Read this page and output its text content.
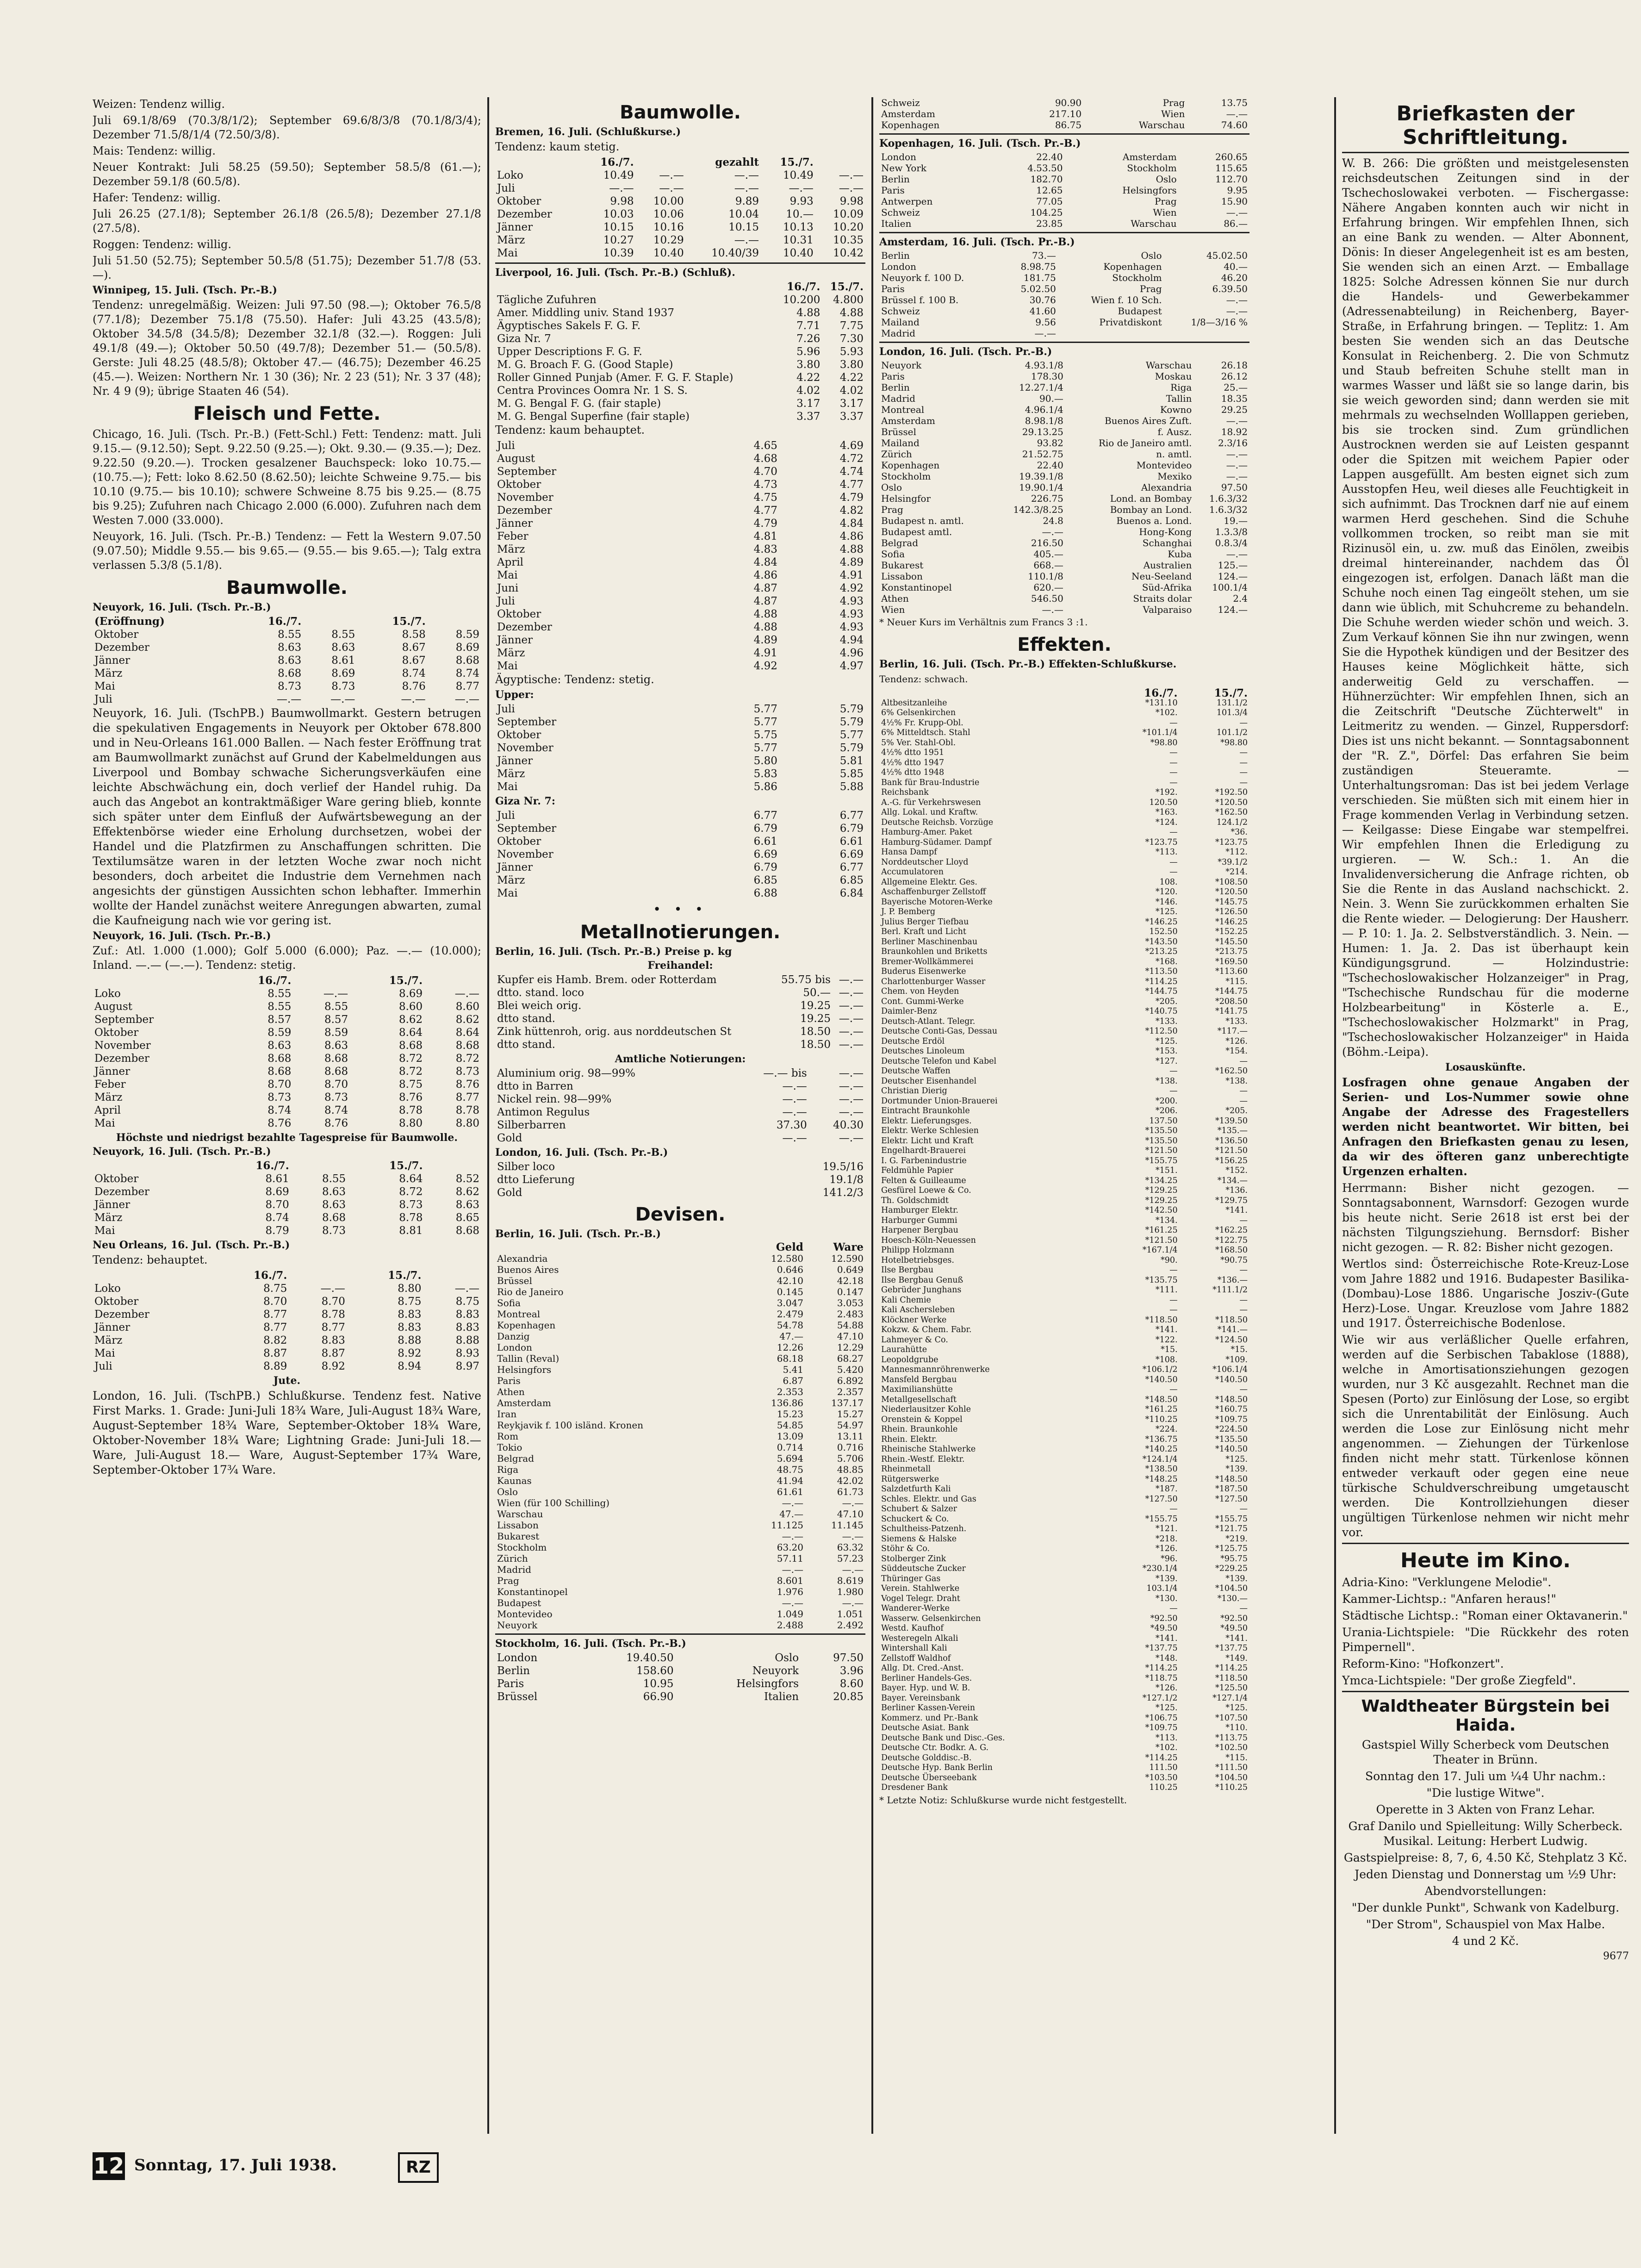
Weizen: Tendenz willig.

Juli 69.1/8/69 (70.3/8/1/2); September 69.6/8/3/8 (70.1/8/3/4); Dezember 71.5/8/1/4 (72.50/3/8).

Mais: Tendenz: willig.

Neuer Kontrakt: Juli 58.25 (59.50); September 58.5/8 (61.—); Dezember 59.1/8 (60.5/8).

Hafer: Tendenz: willig.

Juli 26.25 (27.1/8); September 26.1/8 (26.5/8); Dezember 27.1/8 (27.5/8).

Roggen: Tendenz: willig.

Juli 51.50 (52.75); September 50.5/8 (51.75); Dezember 51.7/8 (53.—).

Winnipeg, 15. Juli. (Tsch. Pr.-B.)

Tendenz: unregelmäßig. Weizen: Juli 97.50 (98.—); Oktober 76.5/8 (77.1/8); Dezember 75.1/8 (75.50). Hafer: Juli 43.25 (43.5/8); Oktober 34.5/8 (34.5/8); Dezember 32.1/8 (32.—). Roggen: Juli 49.1/8 (49.—); Oktober 50.50 (49.7/8); Dezember 51.— (50.5/8). Gerste: Juli 48.25 (48.5/8); Oktober 47.— (46.75); Dezember 46.25 (45.—). Weizen: Northern Nr. 1 30 (36); Nr. 2 23 (51); Nr. 3 37 (48); Nr. 4 9 (9); übrige Staaten 46 (54).

Fleisch und Fette.

Chicago, 16. Juli. (Tsch. Pr.-B.) (Fett-Schl.) Fett: Tendenz: matt. Juli 9.15.— (9.12.50); Sept. 9.22.50 (9.25.—); Okt. 9.30.— (9.35.—); Dez. 9.22.50 (9.20.—). Trocken gesalzener Bauchspeck: loko 10.75.— (10.75.—); Fett: loko 8.62.50 (8.62.50); leichte Schweine 9.75.— bis 10.10 (9.75.— bis 10.10); schwere Schweine 8.75 bis 9.25.— (8.75 bis 9.25); Zufuhren nach Chicago 2.000 (6.000). Zufuhren nach dem Westen 7.000 (33.000).

Neuyork, 16. Juli. (Tsch. Pr.-B.) Tendenz: — Fett la Western 9.07.50 (9.07.50); Middle 9.55.— bis 9.65.— (9.55.— bis 9.65.—); Talg extra verlassen 5.3/8 (5.1/8).

Baumwolle.
Neuyork, 16. Juli. (Tsch. Pr.-B.)
(Eröffnung)	16./7.		15./7.	
Oktober	8.55	8.55	8.58	8.59
Dezember	8.63	8.63	8.67	8.69
Jänner	8.63	8.61	8.67	8.68
März	8.68	8.69	8.74	8.74
Mai	8.73	8.73	8.76	8.77
Juli	—.—	—.—	—.—	—.—

Neuyork, 16. Juli. (TschPB.) Baumwollmarkt. Gestern betrugen die spekulativen Engagements in Neuyork per Oktober 678.800 und in Neu-Orleans 161.000 Ballen. — Nach fester Eröffnung trat am Baumwollmarkt zunächst auf Grund der Kabelmeldungen aus Liverpool und Bombay schwache Sicherungsverkäufen eine leichte Abschwächung ein, doch verlief der Handel ruhig. Da auch das Angebot an kontraktmäßiger Ware gering blieb, konnte sich später unter dem Einfluß der Aufwärtsbewegung an der Effektenbörse wieder eine Erholung durchsetzen, wobei der Handel und die Platzfirmen zu Anschaffungen schritten. Die Textilumsätze waren in der letzten Woche zwar noch nicht besonders, doch arbeitet die Industrie dem Vernehmen nach angesichts der günstigen Aussichten schon lebhafter. Immerhin wollte der Handel zunächst weitere Anregungen abwarten, zumal die Kaufneigung nach wie vor gering ist.

Neuyork, 16. Juli. (Tsch. Pr.-B.)

Zuf.: Atl. 1.000 (1.000); Golf 5.000 (6.000); Paz. —.— (10.000); Inland. —.— (—.—). Tendenz: stetig.

	16./7.		15./7.	
Loko	8.55	—.—	8.69	—.—
August	8.55	8.55	8.60	8.60
September	8.57	8.57	8.62	8.62
Oktober	8.59	8.59	8.64	8.64
November	8.63	8.63	8.68	8.68
Dezember	8.68	8.68	8.72	8.72
Jänner	8.68	8.68	8.72	8.73
Feber	8.70	8.70	8.75	8.76
März	8.73	8.73	8.76	8.77
April	8.74	8.74	8.78	8.78
Mai	8.76	8.76	8.80	8.80
Höchste und niedrigst bezahlte Tagespreise für Baumwolle.
Neuyork, 16. Juli. (Tsch. Pr.-B.)
	16./7.		15./7.	
Oktober	8.61	8.55	8.64	8.52
Dezember	8.69	8.63	8.72	8.62
Jänner	8.70	8.63	8.73	8.63
März	8.74	8.68	8.78	8.65
Mai	8.79	8.73	8.81	8.68
Neu Orleans, 16. Jul. (Tsch. Pr.-B.)

Tendenz: behauptet.

	16./7.		15./7.	
Loko	8.75	—.—	8.80	—.—
Oktober	8.70	8.70	8.75	8.75
Dezember	8.77	8.78	8.83	8.83
Jänner	8.77	8.77	8.83	8.83
März	8.82	8.83	8.88	8.88
Mai	8.87	8.87	8.92	8.93
Juli	8.89	8.92	8.94	8.97
Jute.

London, 16. Juli. (TschPB.) Schlußkurse. Tendenz fest. Native First Marks. 1. Grade: Juni-Juli 18¾ Ware, Juli-August 18¾ Ware, August-September 18¾ Ware, September-Oktober 18¾ Ware, Oktober-November 18¾ Ware; Lightning Grade: Juni-Juli 18.— Ware, Juli-August 18.— Ware, August-September 17¾ Ware, September-Oktober 17¾ Ware.

Baumwolle.
Bremen, 16. Juli. (Schlußkurse.)

Tendenz: kaum stetig.

	16./7.		gezahlt	15./7.	
Loko	10.49	—.—	—.—	10.49	—.—
Juli	—.—	—.—	—.—	—.—	—.—
Oktober	9.98	10.00	9.89	9.93	9.98
Dezember	10.03	10.06	10.04	10.—	10.09
Jänner	10.15	10.16	10.15	10.13	10.20
März	10.27	10.29	—.—	10.31	10.35
Mai	10.39	10.40	10.40/39	10.40	10.42
Liverpool, 16. Juli. (Tsch. Pr.-B.) (Schluß).
	16./7.	15./7.
Tägliche Zufuhren	10.200	4.800
Amer. Middling univ. Stand 1937	4.88	4.88
Ägyptisches Sakels F. G. F.	7.71	7.75
Giza Nr. 7	7.26	7.30
Upper Descriptions F. G. F.	5.96	5.93
M. G. Broach F. G. (Good Staple)	3.80	3.80
Roller Ginned Punjab (Amer. F. G. F. Staple)	4.22	4.22
Centra Provinces Oomra Nr. 1 S. S.	4.02	4.02
M. G. Bengal F. G. (fair staple)	3.17	3.17
M. G. Bengal Superfine (fair staple)	3.37	3.37

Tendenz: kaum behauptet.

Juli	4.65	4.69
August	4.68	4.72
September	4.70	4.74
Oktober	4.73	4.77
November	4.75	4.79
Dezember	4.77	4.82
Jänner	4.79	4.84
Feber	4.81	4.86
März	4.83	4.88
April	4.84	4.89
Mai	4.86	4.91
Juni	4.87	4.92
Juli	4.87	4.93
Oktober	4.88	4.93
Dezember	4.88	4.93
Jänner	4.89	4.94
März	4.91	4.96
Mai	4.92	4.97

Ägyptische: Tendenz: stetig.

Upper:
Juli	5.77	5.79
September	5.77	5.79
Oktober	5.75	5.77
November	5.77	5.79
Jänner	5.80	5.81
März	5.83	5.85
Mai	5.86	5.88
Giza Nr. 7:
Juli	6.77	6.77
September	6.79	6.79
Oktober	6.61	6.61
November	6.69	6.69
Jänner	6.79	6.77
März	6.85	6.85
Mai	6.88	6.84
• • •
Metallnotierungen.
Berlin, 16. Juli. (Tsch. Pr.-B.) Preise p. kg
Freihandel:
Kupfer eis Hamb. Brem. oder Rotterdam	55.75 bis	—.—
dtto. stand. loco	50.—	—.—
Blei weich orig.	19.25	—.—
dtto stand.	19.25	—.—
Zink hüttenroh, orig. aus norddeutschen St	18.50	—.—
dtto stand.	18.50	—.—
Amtliche Notierungen:
Aluminium orig. 98—99%	—.— bis	—.—
dtto in Barren	—.—	—.—
Nickel rein. 98—99%	—.—	—.—
Antimon Regulus	—.—	—.—
Silberbarren	37.30	40.30
Gold	—.—	—.—
London, 16. Juli. (Tsch. Pr.-B.)
Silber loco	19.5/16
dtto Lieferung	19.1/8
Gold	141.2/3
Devisen.
Berlin, 16. Juli. (Tsch. Pr.-B.)
	Geld	Ware
Alexandria	12.580	12.590
Buenos Aires	0.646	0.649
Brüssel	42.10	42.18
Rio de Janeiro	0.145	0.147
Sofia	3.047	3.053
Montreal	2.479	2.483
Kopenhagen	54.78	54.88
Danzig	47.—	47.10
London	12.26	12.29
Tallin (Reval)	68.18	68.27
Helsingfors	5.41	5.420
Paris	6.87	6.892
Athen	2.353	2.357
Amsterdam	136.86	137.17
Iran	15.23	15.27
Reykjavik f. 100 isländ. Kronen	54.85	54.97
Rom	13.09	13.11
Tokio	0.714	0.716
Belgrad	5.694	5.706
Riga	48.75	48.85
Kaunas	41.94	42.02
Oslo	61.61	61.73
Wien (für 100 Schilling)	—.—	—.—
Warschau	47.—	47.10
Lissabon	11.125	11.145
Bukarest	—.—	—.—
Stockholm	63.20	63.32
Zürich	57.11	57.23
Madrid	—.—	—.—
Prag	8.601	8.619
Konstantinopel	1.976	1.980
Budapest	—.—	—.—
Montevideo	1.049	1.051
Neuyork	2.488	2.492
Stockholm, 16. Juli. (Tsch. Pr.-B.)
London	19.40.50	Oslo	97.50
Berlin	158.60	Neuyork	3.96
Paris	10.95	Helsingfors	8.60
Brüssel	66.90	Italien	20.85
Schweiz	90.90	Prag	13.75
Amsterdam	217.10	Wien	—.—
Kopenhagen	86.75	Warschau	74.60
Kopenhagen, 16. Juli. (Tsch. Pr.-B.)
London	22.40	Amsterdam	260.65
New York	4.53.50	Stockholm	115.65
Berlin	182.70	Oslo	112.70
Paris	12.65	Helsingfors	9.95
Antwerpen	77.05	Prag	15.90
Schweiz	104.25	Wien	—.—
Italien	23.85	Warschau	86.—
Amsterdam, 16. Juli. (Tsch. Pr.-B.)
Berlin	73.—	Oslo	45.02.50
London	8.98.75	Kopenhagen	40.—
Neuyork f. 100 D.	181.75	Stockholm	46.20
Paris	5.02.50	Prag	6.39.50
Brüssel f. 100 B.	30.76	Wien f. 10 Sch.	—.—
Schweiz	41.60	Budapest	—.—
Mailand	9.56	Privatdiskont	1/8—3/16 %
Madrid	—.—		
London, 16. Juli. (Tsch. Pr.-B.)
Neuyork	4.93.1/8	Warschau	26.18
Paris	178.30	Moskau	26.12
Berlin	12.27.1/4	Riga	25.—
Madrid	90.—	Tallin	18.35
Montreal	4.96.1/4	Kowno	29.25
Amsterdam	8.98.1/8	Buenos Aires Zuft.	—.—
Brüssel	29.13.25	f. Ausz.	18.92
Mailand	93.82	Rio de Janeiro amtl.	2.3/16
Zürich	21.52.75	n. amtl.	—.—
Kopenhagen	22.40	Montevideo	—.—
Stockholm	19.39.1/8	Mexiko	—.—
Oslo	19.90.1/4	Alexandria	97.50
Helsingfor	226.75	Lond. an Bombay	1.6.3/32
Prag	142.3/8.25	Bombay an Lond.	1.6.3/32
Budapest n. amtl.	24.8	Buenos a. Lond.	19.—
Budapest amtl.	—.—	Hong-Kong	1.3.3/8
Belgrad	216.50	Schanghai	0.8.3/4
Sofia	405.—	Kuba	—.—
Bukarest	668.—	Australien	125.—
Lissabon	110.1/8	Neu-Seeland	124.—
Konstantinopel	620.—	Süd-Afrika	100.1/4
Athen	546.50	Straits dolar	2.4
Wien	—.—	Valparaiso	124.—

* Neuer Kurs im Verhältnis zum Francs 3 :1.

Effekten.
Berlin, 16. Juli. (Tsch. Pr.-B.) Effekten-Schlußkurse.

Tendenz: schwach.

	16./7.	15./7.
Altbesitzanleihe	*131.10	131.1/2
6% Gelsenkirchen	*102.	101.3/4
4½% Fr. Krupp-Obl.	—	—
6% Mitteldtsch. Stahl	*101.1/4	101.1/2
5% Ver. Stahl-Obl.	*98.80	*98.80
4½% dtto 1951	—	—
4½% dtto 1947	—	—
4½% dtto 1948	—	—
Bank für Brau-Industrie	—	—
Reichsbank	*192.	*192.50
A.-G. für Verkehrswesen	120.50	*120.50
Allg. Lokal. und Kraftw.	*163.	*162.50
Deutsche Reichsb. Vorzüge	*124.	124.1/2
Hamburg-Amer. Paket	—	*36.
Hamburg-Südamer. Dampf	*123.75	*123.75
Hansa Dampf	*113.	*112.
Norddeutscher Lloyd	—	*39.1/2
Accumulatoren	—	*214.
Allgemeine Elektr. Ges.	108.	*108.50
Aschaffenburger Zellstoff	*120.	*120.50
Bayerische Motoren-Werke	*146.	*145.75
J. P. Bemberg	*125.	*126.50
Julius Berger Tiefbau	*146.25	*146.25
Berl. Kraft und Licht	152.50	*152.25
Berliner Maschinenbau	*143.50	*145.50
Braunkohlen und Briketts	*213.25	*213.75
Bremer-Wollkämmerei	*168.	*169.50
Buderus Eisenwerke	*113.50	*113.60
Charlottenburger Wasser	*114.25	*115.
Chem. von Heyden	*144.75	*144.75
Cont. Gummi-Werke	*205.	*208.50
Daimler-Benz	*140.75	*141.75
Deutsch-Atlant. Telegr.	*133.	*133.
Deutsche Conti-Gas, Dessau	*112.50	*117.—
Deutsche Erdöl	*125.	*126.
Deutsches Linoleum	*153.	*154.
Deutsche Telefon und Kabel	*127.	—
Deutsche Waffen	—	*162.50
Deutscher Eisenhandel	*138.	*138.
Christian Dierig	—	—
Dortmunder Union-Brauerei	*200.	—
Eintracht Braunkohle	*206.	*205.
Elektr. Lieferungsges.	137.50	*139.50
Elektr. Werke Schlesien	*135.50	*135.—
Elektr. Licht und Kraft	*135.50	*136.50
Engelhardt-Brauerei	*121.50	*121.50
I. G. Farbenindustrie	*155.75	*156.25
Feldmühle Papier	*151.	*152.
Felten & Guilleaume	*134.25	*134.—
Gesfürel Loewe & Co.	*129.25	*136.
Th. Goldschmidt	*129.25	*129.75
Hamburger Elektr.	*142.50	*141.
Harburger Gummi	*134.	—
Harpener Bergbau	*161.25	*162.25
Hoesch-Köln-Neuessen	*121.50	*122.75
Philipp Holzmann	*167.1/4	*168.50
Hotelbetriebsges.	*90.	*90.75
Ilse Bergbau	—	—
Ilse Bergbau Genuß	*135.75	*136.—
Gebrüder Junghans	*111.	*111.1/2
Kali Chemie	—	—
Kali Aschersleben	—	—
Klöckner Werke	*118.50	*118.50
Kokzw. & Chem. Fabr.	*141.	*141.—
Lahmeyer & Co.	*122.	*124.50
Laurahütte	*15.	*15.
Leopoldgrube	*108.	*109.
Mannesmannröhrenwerke	*106.1/2	*106.1/4
Mansfeld Bergbau	*140.50	*140.50
Maximilianshütte	—	—
Metallgesellschaft	*148.50	*148.50
Niederlausitzer Kohle	*161.25	*160.75
Orenstein & Koppel	*110.25	*109.75
Rhein. Braunkohle	*224.	*224.50
Rhein. Elektr.	*136.75	*135.50
Rheinische Stahlwerke	*140.25	*140.50
Rhein.-Westf. Elektr.	*124.1/4	*125.
Rheinmetall	*138.50	*139.
Rütgerswerke	*148.25	*148.50
Salzdetfurth Kali	*187.	*187.50
Schles. Elektr. und Gas	*127.50	*127.50
Schubert & Salzer	—	—
Schuckert & Co.	*155.75	*155.75
Schultheiss-Patzenh.	*121.	*121.75
Siemens & Halske	*218.	*219.
Stöhr & Co.	*126.	*125.75
Stolberger Zink	*96.	*95.75
Süddeutsche Zucker	*230.1/4	*229.25
Thüringer Gas	*139.	*139.
Verein. Stahlwerke	103.1/4	*104.50
Vogel Telegr. Draht	*130.	*130.—
Wanderer-Werke	—	—
Wasserw. Gelsenkirchen	*92.50	*92.50
Westd. Kaufhof	*49.50	*49.50
Westeregeln Alkali	*141.	*141.
Wintershall Kali	*137.75	*137.75
Zellstoff Waldhof	*148.	*149.
Allg. Dt. Cred.-Anst.	*114.25	*114.25
Berliner Handels-Ges.	*118.75	*118.50
Bayer. Hyp. und W. B.	*126.	*125.50
Bayer. Vereinsbank	*127.1/2	*127.1/4
Berliner Kassen-Verein	*125.	*125.
Kommerz. und Pr.-Bank	*106.75	*107.50
Deutsche Asiat. Bank	*109.75	*110.
Deutsche Bank und Disc.-Ges.	*113.	*113.75
Deutsche Ctr. Bodkr. A. G.	*102.	*102.50
Deutsche Golddisc.-B.	*114.25	*115.
Deutsche Hyp. Bank Berlin	111.50	*111.50
Deutsche Überseebank	*103.50	*104.50
Dresdener Bank	110.25	*110.25

* Letzte Notiz: Schlußkurse wurde nicht festgestellt.

Briefkasten der Schriftleitung.

W. B. 266: Die größten und meistgelesensten reichsdeutschen Zeitungen sind in der Tschechoslowakei verboten. — Fischergasse: Nähere Angaben konnten auch wir nicht in Erfahrung bringen. Wir empfehlen Ihnen, sich an eine Bank zu wenden. — Alter Abonnent, Dönis: In dieser Angelegenheit ist es am besten, Sie wenden sich an einen Arzt. — Emballage 1825: Solche Adressen können Sie nur durch die Handels- und Gewerbekammer (Adressenabteilung) in Reichenberg, Bayer-Straße, in Erfahrung bringen. — Teplitz: 1. Am besten Sie wenden sich an das Deutsche Konsulat in Reichenberg. 2. Die von Schmutz und Staub befreiten Schuhe stellt man in warmes Wasser und läßt sie so lange darin, bis sie weich geworden sind; dann werden sie mit mehrmals zu wechselnden Wolllappen gerieben, bis sie trocken sind. Zum gründlichen Austrocknen werden sie auf Leisten gespannt oder die Spitzen mit weichem Papier oder Lappen ausgefüllt. Am besten eignet sich zum Ausstopfen Heu, weil dieses alle Feuchtigkeit in sich aufnimmt. Das Trocknen darf nie auf einem warmen Herd geschehen. Sind die Schuhe vollkommen trocken, so reibt man sie mit Rizinusöl ein, u. zw. muß das Einölen, zweibis dreimal hintereinander, nachdem das Öl eingezogen ist, erfolgen. Danach läßt man die Schuhe noch einen Tag eingeölt stehen, um sie dann wie üblich, mit Schuhcreme zu behandeln. Die Schuhe werden wieder schön und weich. 3. Zum Verkauf können Sie ihn nur zwingen, wenn Sie die Hypothek kündigen und der Besitzer des Hauses keine Möglichkeit hätte, sich anderweitig Geld zu verschaffen. — Hühnerzüchter: Wir empfehlen Ihnen, sich an die Zeitschrift "Deutsche Züchterwelt" in Leitmeritz zu wenden. — Ginzel, Ruppersdorf: Dies ist uns nicht bekannt. — Sonntagsabonnent der "R. Z.", Dörfel: Das erfahren Sie beim zuständigen Steueramte. — Unterhaltungsroman: Das ist bei jedem Verlage verschieden. Sie müßten sich mit einem hier in Frage kommenden Verlag in Verbindung setzen. — Keilgasse: Diese Eingabe war stempelfrei. Wir empfehlen Ihnen die Erledigung zu urgieren. — W. Sch.: 1. An die Invalidenversicherung die Anfrage richten, ob Sie die Rente in das Ausland nachschickt. 2. Nein. 3. Wenn Sie zurückkommen erhalten Sie die Rente wieder. — Delogierung: Der Hausherr. — P. 10: 1. Ja. 2. Selbstverständlich. 3. Nein. — Humen: 1. Ja. 2. Das ist überhaupt kein Kündigungsgrund. — Holzindustrie: "Tschechoslowakischer Holzanzeiger" in Prag, "Tschechische Rundschau für die moderne Holzbearbeitung" in Kösterle a. E., "Tschechoslowakischer Holzmarkt" in Prag, "Tschechoslowakischer Holzanzeiger" in Haida (Böhm.-Leipa).

Losauskünfte.

Losfragen ohne genaue Angaben der Serien- und Los-Nummer sowie ohne Angabe der Adresse des Fragestellers werden nicht beantwortet. Wir bitten, bei Anfragen den Briefkasten genau zu lesen, da wir des öfteren ganz unberechtigte Urgenzen erhalten.

Herrmann: Bisher nicht gezogen. — Sonntagsabonnent, Warnsdorf: Gezogen wurde bis heute nicht. Serie 2618 ist erst bei der nächsten Tilgungsziehung. Bernsdorf: Bisher nicht gezogen. — R. 82: Bisher nicht gezogen.

Wertlos sind: Österreichische Rote-Kreuz-Lose vom Jahre 1882 und 1916. Budapester Basilika-(Dombau)-Lose 1886. Ungarische Josziv-(Gute Herz)-Lose. Ungar. Kreuzlose vom Jahre 1882 und 1917. Österreichische Bodenlose.

Wie wir aus verläßlicher Quelle erfahren, werden auf die Serbischen Tabaklose (1888), welche in Amortisationsziehungen gezogen wurden, nur 3 Kč ausgezahlt. Rechnet man die Spesen (Porto) zur Einlösung der Lose, so ergibt sich die Unrentabilität der Einlösung. Auch werden die Lose zur Einlösung nicht mehr angenommen. — Ziehungen der Türkenlose finden nicht mehr statt. Türkenlose können entweder verkauft oder gegen eine neue türkische Schuldverschreibung umgetauscht werden. Die Kontrollziehungen dieser ungültigen Türkenlose nehmen wir nicht mehr vor.

Heute im Kino.

Adria-Kino: "Verklungene Melodie".

Kammer-Lichtsp.: "Anfaren heraus!"

Städtische Lichtsp.: "Roman einer Oktavanerin."

Urania-Lichtspiele: "Die Rückkehr des roten Pimpernell".

Reform-Kino: "Hofkonzert".

Ymca-Lichtspiele: "Der große Ziegfeld".

Waldtheater Bürgstein bei Haida.

Gastspiel Willy Scherbeck vom Deutschen Theater in Brünn.

Sonntag den 17. Juli um ¼4 Uhr nachm.:

"Die lustige Witwe".

Operette in 3 Akten von Franz Lehar.

Graf Danilo und Spielleitung: Willy Scherbeck. Musikal. Leitung: Herbert Ludwig.

Gastspielpreise: 8, 7, 6, 4.50 Kč, Stehplatz 3 Kč.

Jeden Dienstag und Donnerstag um ½9 Uhr:

Abendvorstellungen:

"Der dunkle Punkt", Schwank von Kadelburg.

"Der Strom", Schauspiel von Max Halbe.

4 und 2 Kč.

9677
12 Sonntag, 17. Juli 1938.	RZ
